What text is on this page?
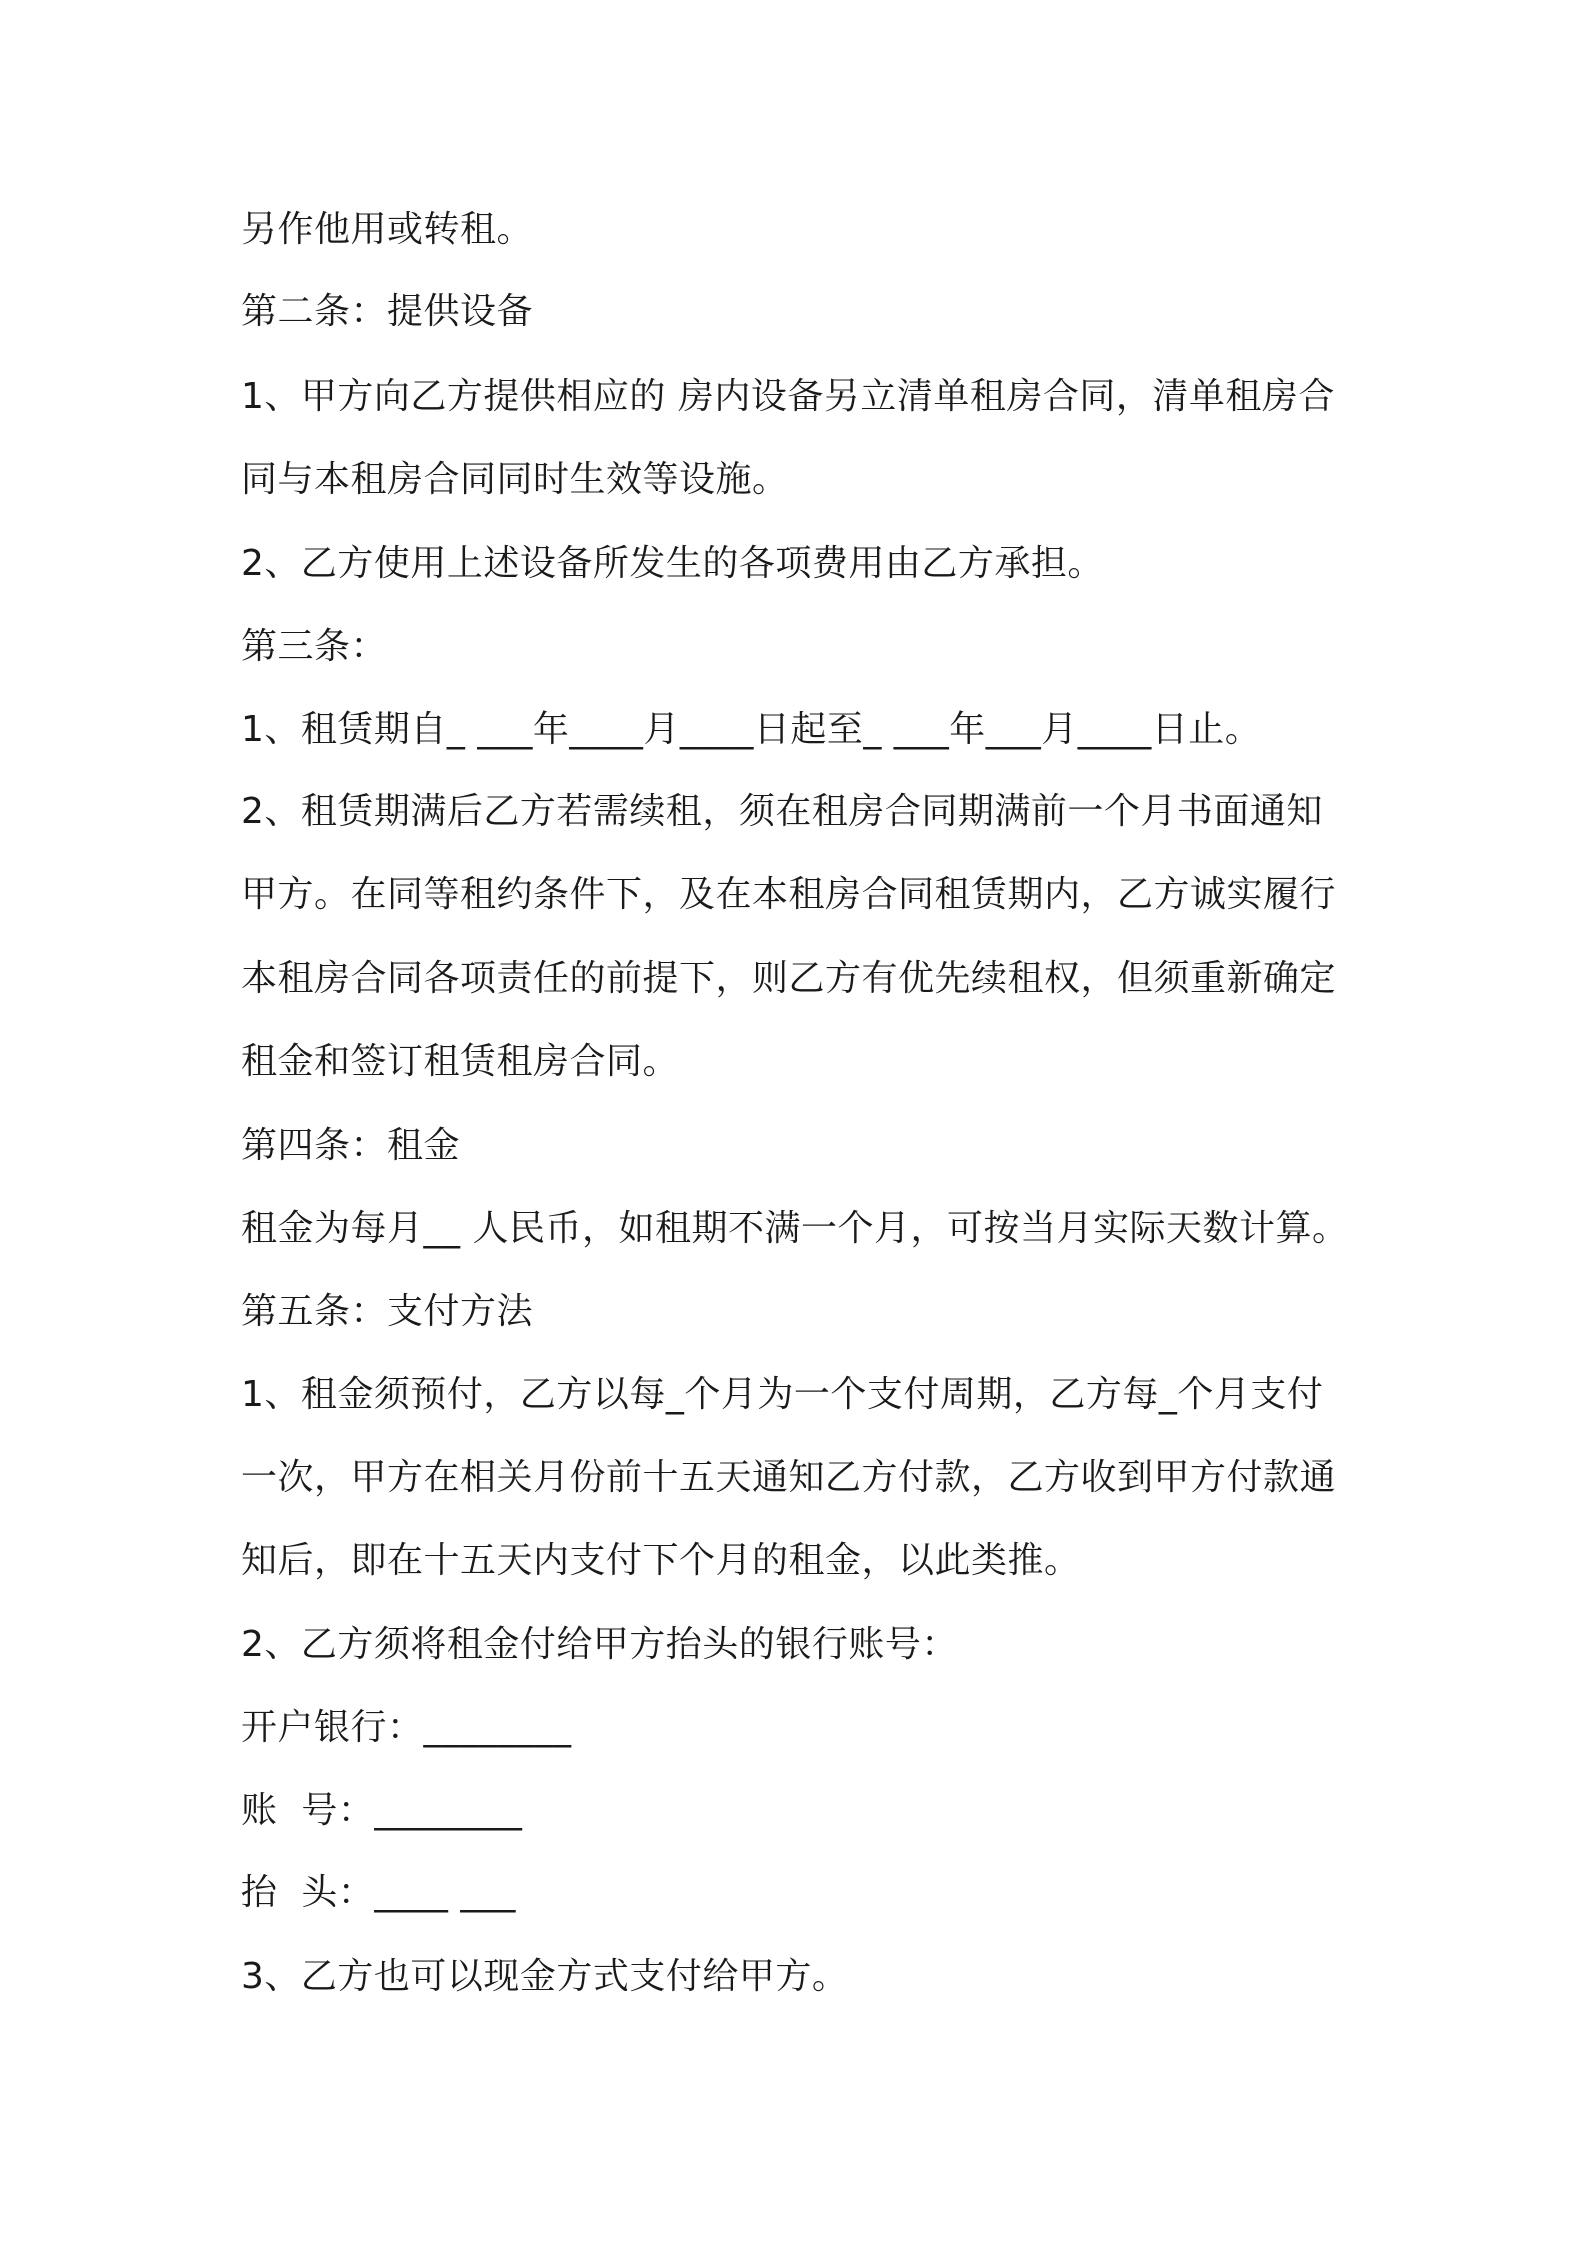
另作他用或转租。

第二条：提供设备

1、甲方向乙方提供相应的 房内设备另立清单租房合同，清单租房合

同与本租房合同同时生效等设施。

2、乙方使用上述设备所发生的各项费用由乙方承担。

第三条：

1、租赁期自_ ___年____月____日起至_ ___年___月____日止。

2、租赁期满后乙方若需续租，须在租房合同期满前一个月书面通知

甲方。在同等租约条件下，及在本租房合同租赁期内，乙方诚实履行

本租房合同各项责任的前提下，则乙方有优先续租权，但须重新确定

租金和签订租赁租房合同。

第四条：租金

租金为每月__ 人民币，如租期不满一个月，可按当月实际天数计算。

第五条：支付方法

1、租金须预付，乙方以每_个月为一个支付周期，乙方每_个月支付

一次，甲方在相关月份前十五天通知乙方付款，乙方收到甲方付款通

知后，即在十五天内支付下个月的租金，以此类推。

2、乙方须将租金付给甲方抬头的银行账号：

开户银行：________

账  号：________

抬  头：____ ___

3、乙方也可以现金方式支付给甲方。
